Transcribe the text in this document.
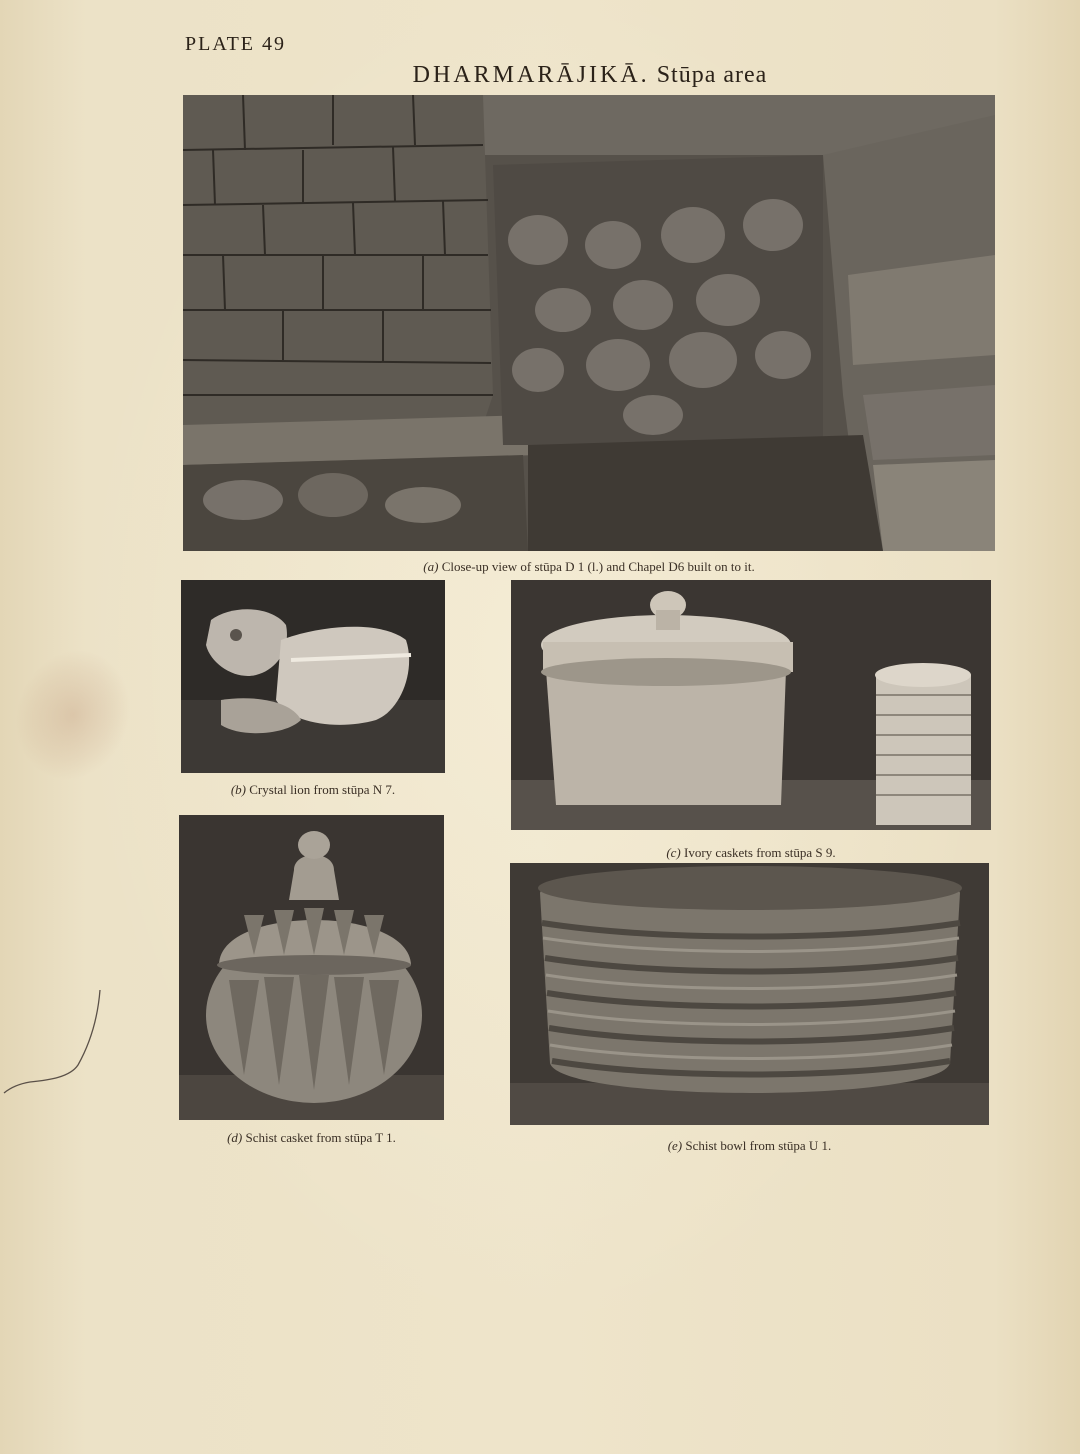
PLATE 49
DHARMARĀJIKĀ. Stūpa area
(a) Close-up view of stūpa D 1 (l.) and Chapel D6 built on to it.
(b) Crystal lion from stūpa N 7.
(c) Ivory caskets from stūpa S 9.
(d) Schist casket from stūpa T 1.
(e) Schist bowl from stūpa U 1.
